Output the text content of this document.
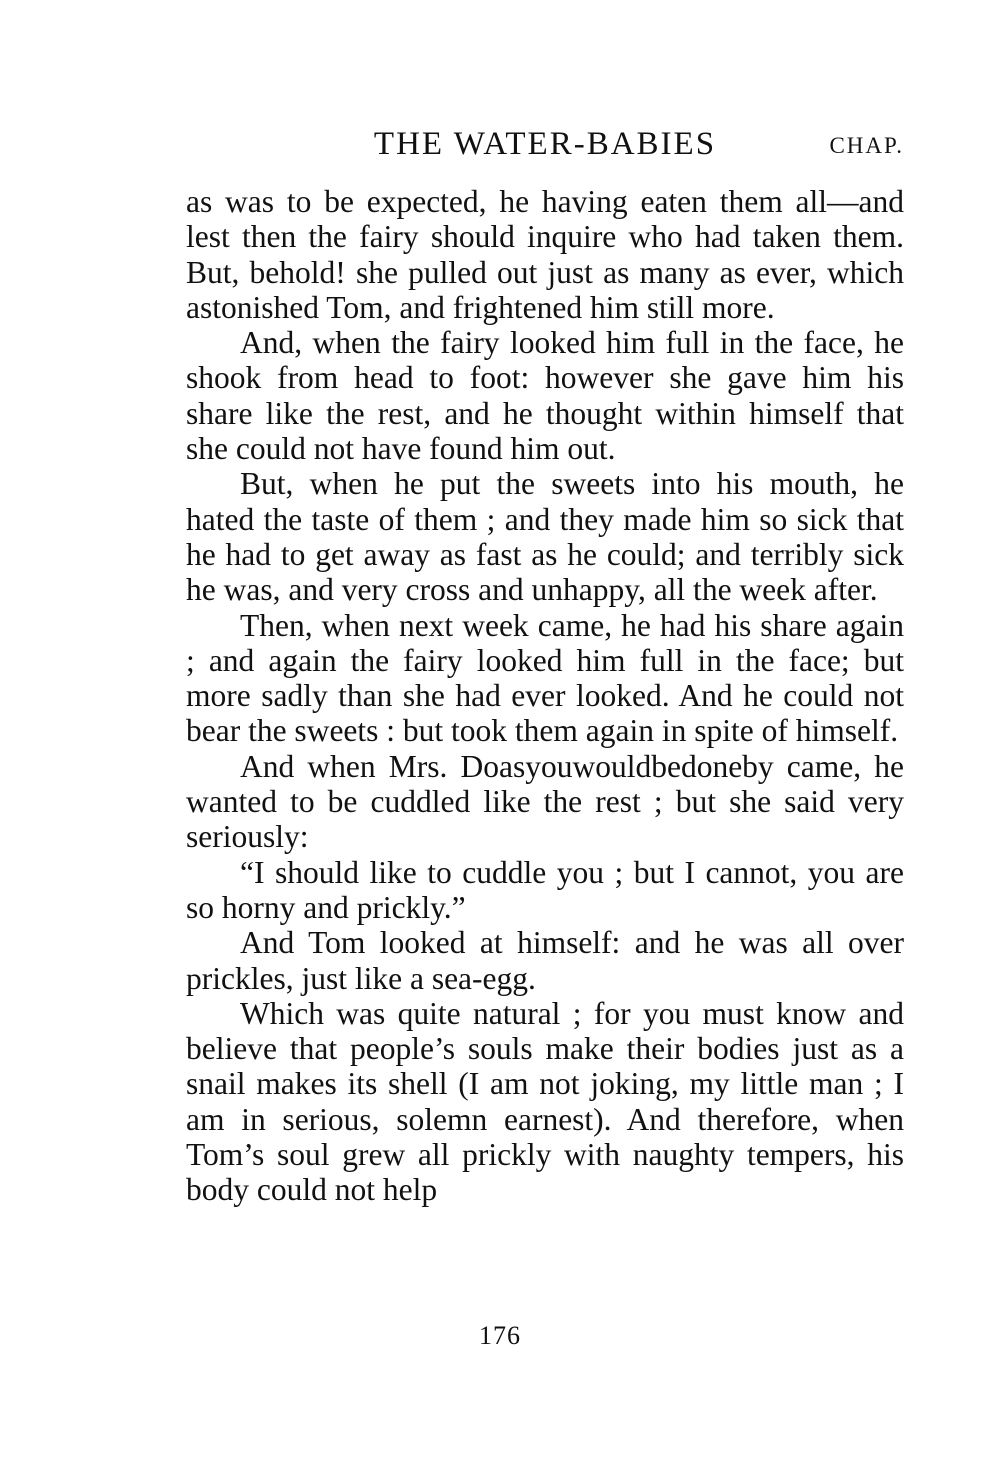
THE WATER-BABIES	CHAP.

as was to be expected, he having eaten them all—and lest then the fairy should inquire who had taken them. But, behold! she pulled out just as many as ever, which astonished Tom, and frightened him still more.

And, when the fairy looked him full in the face, he shook from head to foot: however she gave him his share like the rest, and he thought within himself that she could not have found him out.

But, when he put the sweets into his mouth, he hated the taste of them ; and they made him so sick that he had to get away as fast as he could; and terribly sick he was, and very cross and unhappy, all the week after.

Then, when next week came, he had his share again ; and again the fairy looked him full in the face; but more sadly than she had ever looked. And he could not bear the sweets : but took them again in spite of himself.

And when Mrs. Doasyouwouldbedoneby came, he wanted to be cuddled like the rest ; but she said very seriously:

“I should like to cuddle you ; but I cannot, you are so horny and prickly.”

And Tom looked at himself: and he was all over prickles, just like a sea-egg.

Which was quite natural ; for you must know and believe that people’s souls make their bodies just as a snail makes its shell (I am not joking, my little man ; I am in serious, solemn earnest). And therefore, when Tom’s soul grew all prickly with naughty tempers, his body could not help

176
